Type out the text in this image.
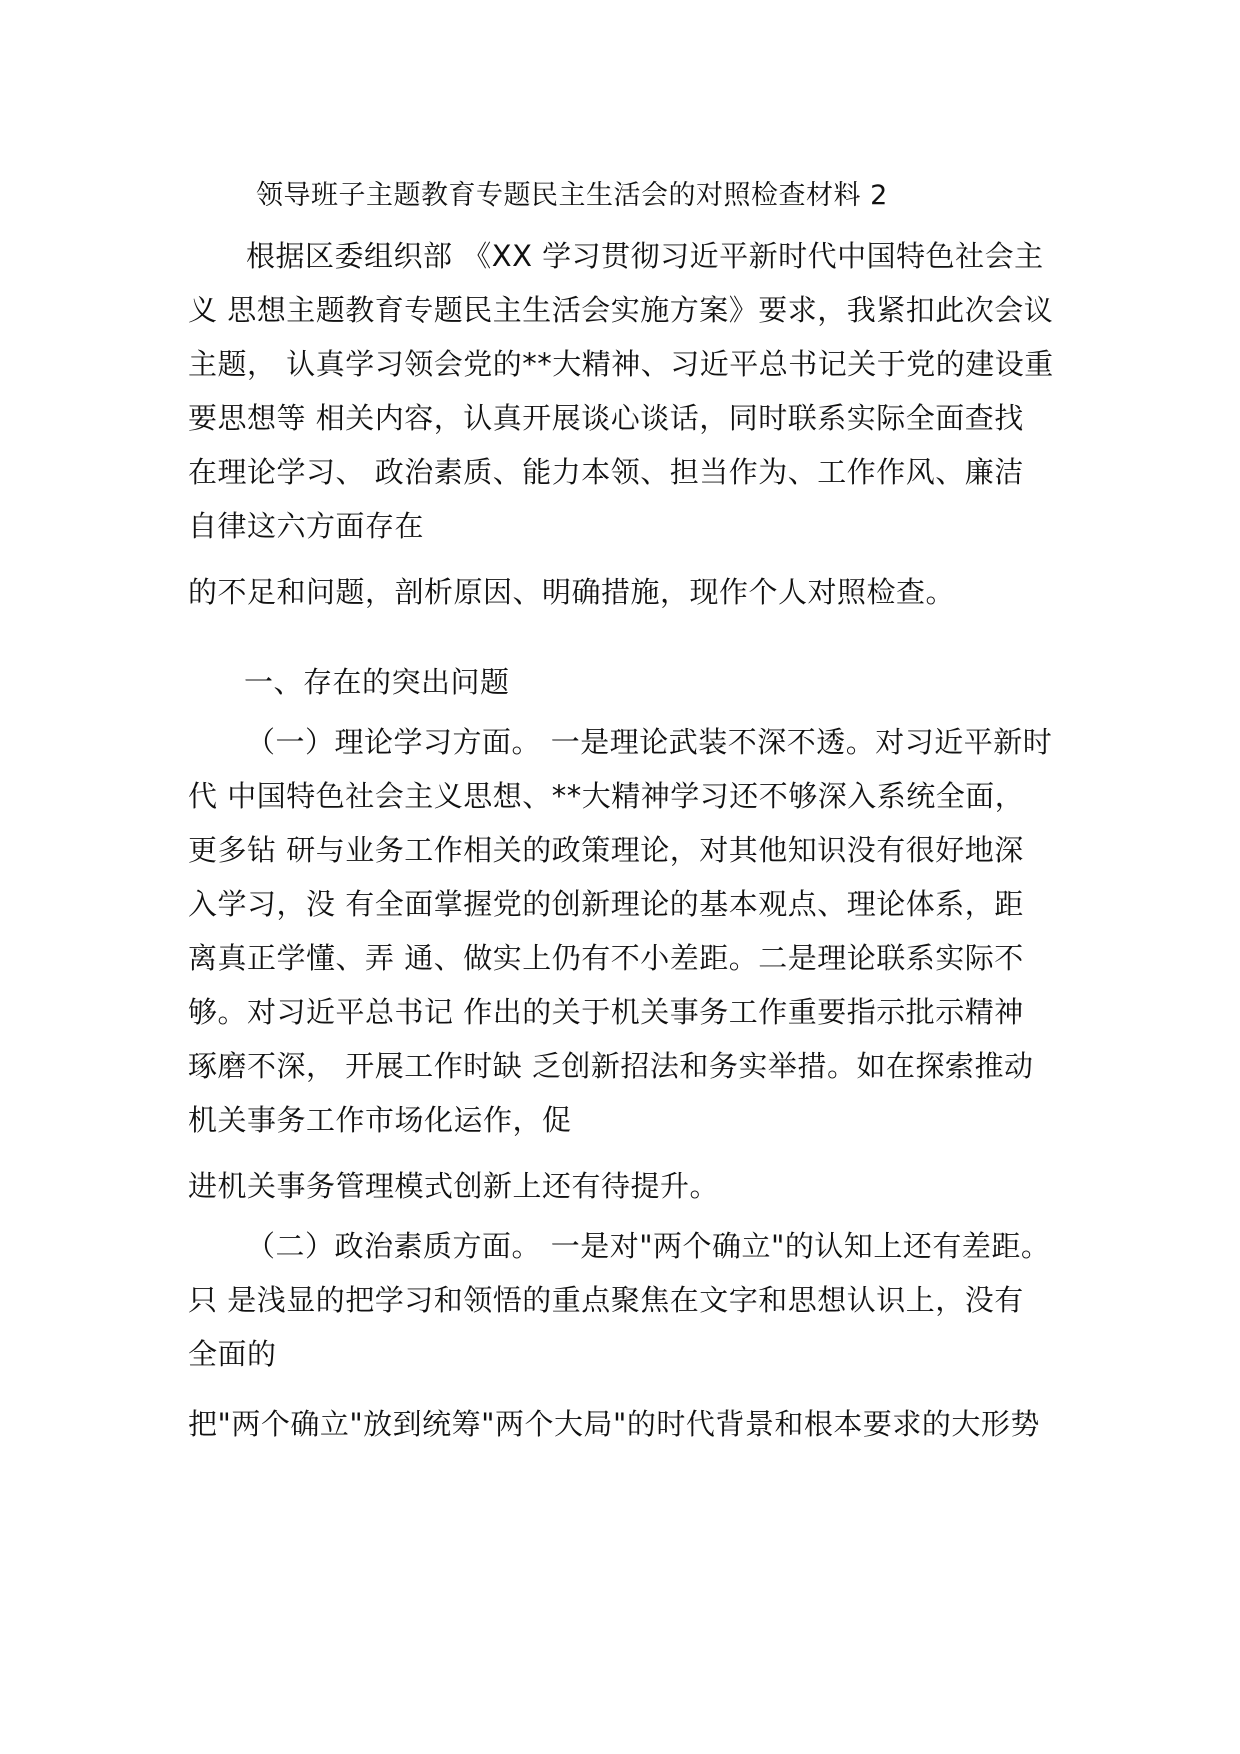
领导班子主题教育专题民主生活会的对照检查材料 2
根据区委组织部 《XX 学习贯彻习近平新时代中国特色社会主
义 思想主题教育专题民主生活会实施方案》要求，我紧扣此次会议
主题， 认真学习领会党的**大精神、习近平总书记关于党的建设重
要思想等 相关内容，认真开展谈心谈话，同时联系实际全面查找
在理论学习、 政治素质、能力本领、担当作为、工作作风、廉洁
自律这六方面存在
的不足和问题，剖析原因、明确措施，现作个人对照检查。
一、存在的突出问题
（一）理论学习方面。 一是理论武装不深不透。对习近平新时
代 中国特色社会主义思想、**大精神学习还不够深入系统全面，
更多钻 研与业务工作相关的政策理论，对其他知识没有很好地深
入学习，没 有全面掌握党的创新理论的基本观点、理论体系，距
离真正学懂、弄 通、做实上仍有不小差距。二是理论联系实际不
够。对习近平总书记 作出的关于机关事务工作重要指示批示精神
琢磨不深， 开展工作时缺 乏创新招法和务实举措。如在探索推动
机关事务工作市场化运作，促
进机关事务管理模式创新上还有待提升。
（二）政治素质方面。 一是对"两个确立"的认知上还有差距。
只 是浅显的把学习和领悟的重点聚焦在文字和思想认识上，没有
全面的
把"两个确立"放到统筹"两个大局"的时代背景和根本要求的大形势
